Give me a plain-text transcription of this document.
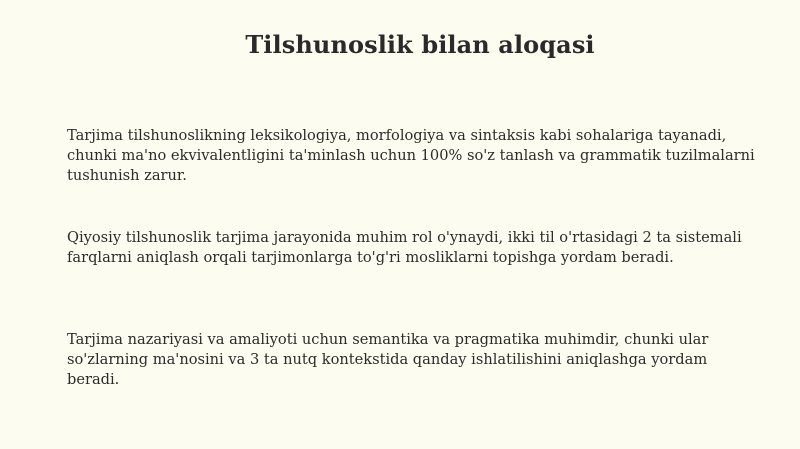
Tilshunoslik bilan aloqasi

Tarjima tilshunoslikning leksikologiya, morfologiya va sintaksis kabi sohalariga tayanadi, chunki ma'no ekvivalentligini ta'minlash uchun 100% so'z tanlash va grammatik tuzilmalarni tushunish zarur.

Qiyosiy tilshunoslik tarjima jarayonida muhim rol o'ynaydi, ikki til o'rtasidagi 2 ta sistemali farqlarni aniqlash orqali tarjimonlarga to'g'ri mosliklarni topishga yordam beradi.

Tarjima nazariyasi va amaliyoti uchun semantika va pragmatika muhimdir, chunki ular so'zlarning ma'nosini va 3 ta nutq kontekstida qanday ishlatilishini aniqlashga yordam beradi.
